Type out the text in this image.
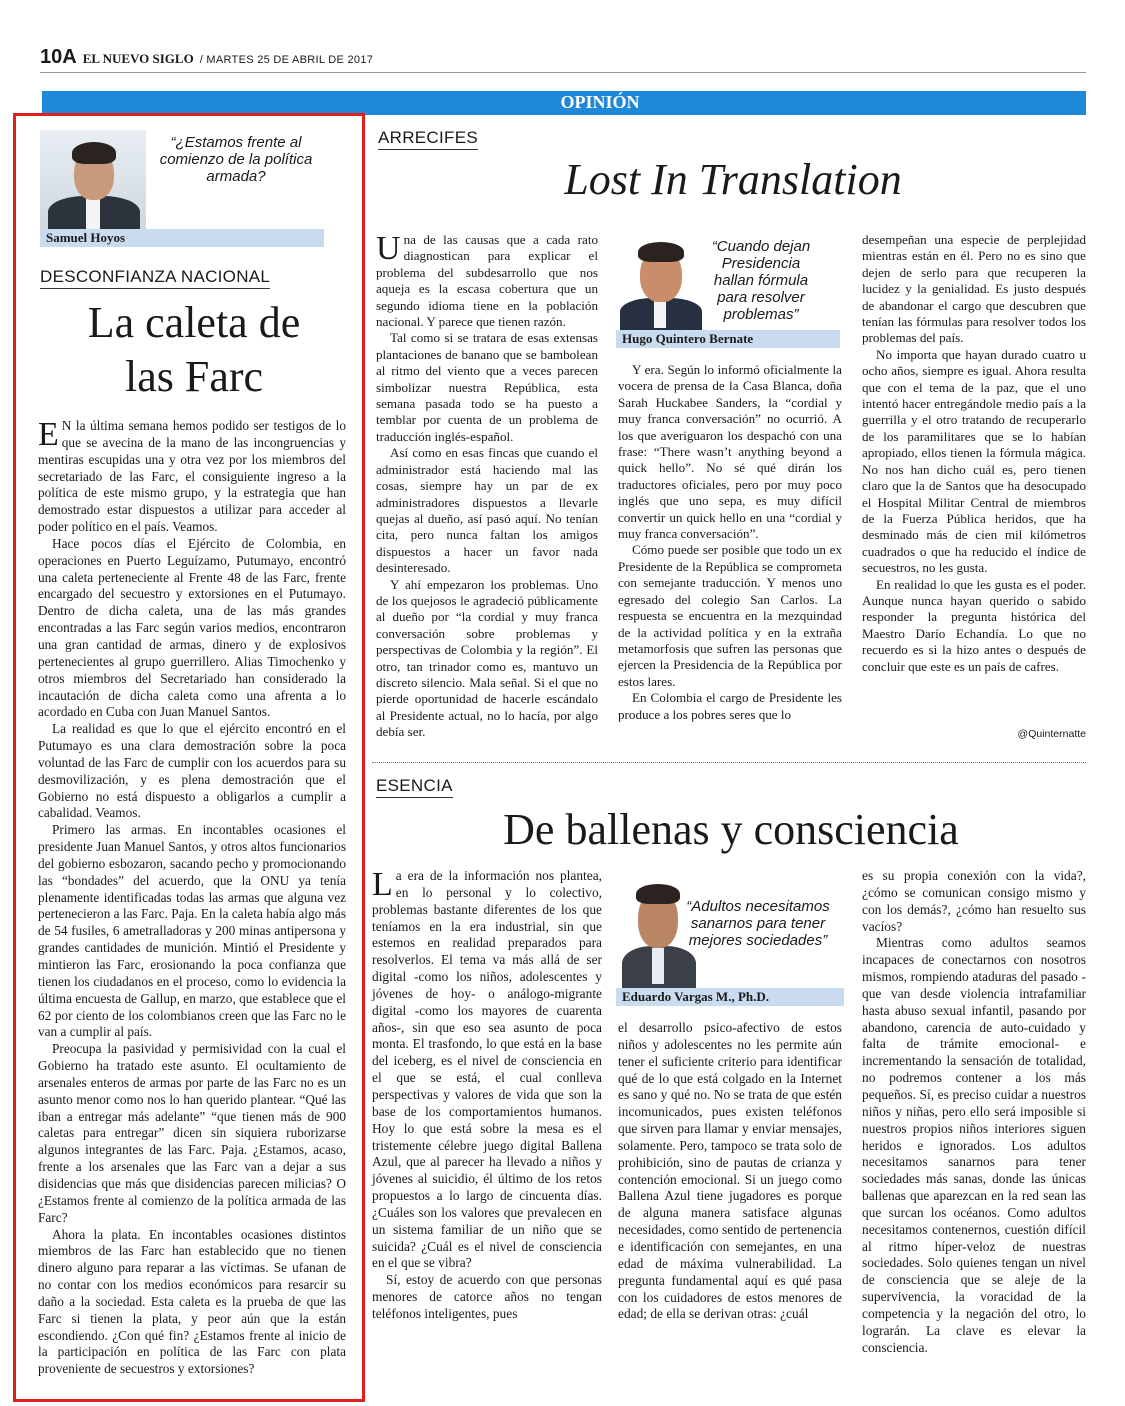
10A EL NUEVO SIGLO / MARTES 25 DE ABRIL DE 2017
OPINIÓN
“¿Estamos frente al comienzo de la política armada?
Samuel Hoyos
DESCONFIANZA NACIONAL
La caleta de
las Farc

E N la última semana hemos podido ser testigos de lo que se avecina de la mano de las incongruencias y mentiras escupidas una y otra vez por los miembros del secretariado de las Farc, el consiguiente ingreso a la política de este mismo grupo, y la estrategia que han demostrado estar dispuestos a utilizar para acceder al poder político en el país. Veamos.

Hace pocos días el Ejército de Colombia, en operaciones en Puerto Leguízamo, Putumayo, encontró una caleta perteneciente al Frente 48 de las Farc, frente encargado del secuestro y extorsiones en el Putumayo. Dentro de dicha caleta, una de las más grandes encontradas a las Farc según varios medios, encontraron una gran cantidad de armas, dinero y de explosivos pertenecientes al grupo guerrillero. Alias Timochenko y otros miembros del Secretariado han considerado la incautación de dicha caleta como una afrenta a lo acordado en Cuba con Juan Manuel Santos.

La realidad es que lo que el ejército encontró en el Putumayo es una clara demostración sobre la poca voluntad de las Farc de cumplir con los acuerdos para su desmovilización, y es plena demostración que el Gobierno no está dispuesto a obligarlos a cumplir a cabalidad. Veamos.

Primero las armas. En incontables ocasiones el presidente Juan Manuel Santos, y otros altos funcionarios del gobierno esbozaron, sacando pecho y promocionando las “bondades” del acuerdo, que la ONU ya tenía plenamente identificadas todas las armas que alguna vez pertenecieron a las Farc. Paja. En la caleta había algo más de 54 fusiles, 6 ametralladoras y 200 minas antipersona y grandes cantidades de munición. Mintió el Presidente y mintieron las Farc, erosionando la poca confianza que tienen los ciudadanos en el proceso, como lo evidencia la última encuesta de Gallup, en marzo, que establece que el 62 por ciento de los colombianos creen que las Farc no le van a cumplir al país.

Preocupa la pasividad y permisividad con la cual el Gobierno ha tratado este asunto. El ocultamiento de arsenales enteros de armas por parte de las Farc no es un asunto menor como nos lo han querido plantear. “Qué las iban a entregar más adelante” “que tienen más de 900 caletas para entregar” dicen sin siquiera ruborizarse algunos integrantes de las Farc. Paja. ¿Estamos, acaso, frente a los arsenales que las Farc van a dejar a sus disidencias que más que disidencias parecen milicias? O ¿Estamos frente al comienzo de la política armada de las Farc?

Ahora la plata. En incontables ocasiones distintos miembros de las Farc han establecido que no tienen dinero alguno para reparar a las víctimas. Se ufanan de no contar con los medios económicos para resarcir su daño a la sociedad. Esta caleta es la prueba de que las Farc si tienen la plata, y peor aún que la están escondiendo. ¿Con qué fin? ¿Estamos frente al inicio de la participación en política de las Farc con plata proveniente de secuestros y extorsiones?

ARRECIFES
Lost In Translation

Una de las causas que a cada rato diagnostican para explicar el problema del subdesarrollo que nos aqueja es la escasa cobertura que un segundo idioma tiene en la población nacional. Y parece que tienen razón.

Tal como si se tratara de esas extensas plantaciones de banano que se bambolean al ritmo del viento que a veces parecen simbolizar nuestra República, esta semana pasada todo se ha puesto a temblar por cuenta de un problema de traducción inglés-español.

Así como en esas fincas que cuando el administrador está haciendo mal las cosas, siempre hay un par de ex administradores dispuestos a llevarle quejas al dueño, así pasó aquí. No tenían cita, pero nunca faltan los amigos dispuestos a hacer un favor nada desinteresado.

Y ahí empezaron los problemas. Uno de los quejosos le agradeció públicamente al dueño por “la cordial y muy franca conversación sobre problemas y perspectivas de Colombia y la región”. El otro, tan trinador como es, mantuvo un discreto silencio. Mala señal. Si el que no pierde oportunidad de hacerle escándalo al Presidente actual, no lo hacía, por algo debía ser.

“Cuando dejan Presidencia hallan fórmula para resolver problemas”
Hugo Quintero Bernate

Y era. Según lo informó oficialmente la vocera de prensa de la Casa Blanca, doña Sarah Huckabee Sanders, la “cordial y muy franca conversación” no ocurrió. A los que averiguaron los despachó con una frase: “There wasn’t anything beyond a quick hello”. No sé qué dirán los traductores oficiales, pero por muy poco inglés que uno sepa, es muy difícil convertir un quick hello en una “cordial y muy franca conversación”.

Cómo puede ser posible que todo un ex Presidente de la República se comprometa con semejante traducción. Y menos uno egresado del colegio San Carlos. La respuesta se encuentra en la mezquindad de la actividad política y en la extraña metamorfosis que sufren las personas que ejercen la Presidencia de la República por estos lares.

En Colombia el cargo de Presidente les produce a los pobres seres que lo

desempeñan una especie de perplejidad mientras están en él. Pero no es sino que dejen de serlo para que recuperen la lucidez y la genialidad. Es justo después de abandonar el cargo que descubren que tenían las fórmulas para resolver todos los problemas del país.

No importa que hayan durado cuatro u ocho años, siempre es igual. Ahora resulta que con el tema de la paz, que el uno intentó hacer entregándole medio país a la guerrilla y el otro tratando de recuperarlo de los paramilitares que se lo habían apropiado, ellos tienen la fórmula mágica. No nos han dicho cuál es, pero tienen claro que la de Santos que ha desocupado el Hospital Militar Central de miembros de la Fuerza Pública heridos, que ha desminado más de cien mil kilómetros cuadrados o que ha reducido el índice de secuestros, no les gusta.

En realidad lo que les gusta es el poder. Aunque nunca hayan querido o sabido responder la pregunta histórica del Maestro Darío Echandía. Lo que no recuerdo es si la hizo antes o después de concluir que este es un país de cafres.

@Quinternatte
ESENCIA
De ballenas y consciencia

La era de la información nos plantea, en lo personal y lo colectivo, problemas bastante diferentes de los que teníamos en la era industrial, sin que estemos en realidad preparados para resolverlos. El tema va más allá de ser digital -como los niños, adolescentes y jóvenes de hoy- o análogo-migrante digital -como los mayores de cuarenta años-, sin que eso sea asunto de poca monta. El trasfondo, lo que está en la base del iceberg, es el nivel de consciencia en el que se está, el cual conlleva perspectivas y valores de vida que son la base de los comportamientos humanos. Hoy lo que está sobre la mesa es el tristemente célebre juego digital Ballena Azul, que al parecer ha llevado a niños y jóvenes al suicidio, él último de los retos propuestos a lo largo de cincuenta días. ¿Cuáles son los valores que prevalecen en un sistema familiar de un niño que se suicida? ¿Cuál es el nivel de consciencia en el que se vibra?

Sí, estoy de acuerdo con que personas menores de catorce años no tengan teléfonos inteligentes, pues

“Adultos necesitamos sanarnos para tener mejores sociedades”
Eduardo Vargas M., Ph.D.

el desarrollo psico-afectivo de estos niños y adolescentes no les permite aún tener el suficiente criterio para identificar qué de lo que está colgado en la Internet es sano y qué no. No se trata de que estén incomunicados, pues existen teléfonos que sirven para llamar y enviar mensajes, solamente. Pero, tampoco se trata solo de prohibición, sino de pautas de crianza y contención emocional. Si un juego como Ballena Azul tiene jugadores es porque de alguna manera satisface algunas necesidades, como sentido de pertenencia e identificación con semejantes, en una edad de máxima vulnerabilidad. La pregunta fundamental aquí es qué pasa con los cuidadores de estos menores de edad; de ella se derivan otras: ¿cuál

es su propia conexión con la vida?, ¿cómo se comunican consigo mismo y con los demás?, ¿cómo han resuelto sus vacíos?

Mientras como adultos seamos incapaces de conectarnos con nosotros mismos, rompiendo ataduras del pasado -que van desde violencia intrafamiliar hasta abuso sexual infantil, pasando por abandono, carencia de auto-cuidado y falta de trámite emocional- e incrementando la sensación de totalidad, no podremos contener a los más pequeños. Sí, es preciso cuidar a nuestros niños y niñas, pero ello será imposible si nuestros propios niños interiores siguen heridos e ignorados. Los adultos necesitamos sanarnos para tener sociedades más sanas, donde las únicas ballenas que aparezcan en la red sean las que surcan los océanos. Como adultos necesitamos contenernos, cuestión difícil al ritmo híper-veloz de nuestras sociedades. Solo quienes tengan un nivel de consciencia que se aleje de la supervivencia, la voracidad de la competencia y la negación del otro, lo lograrán. La clave es elevar la consciencia.
